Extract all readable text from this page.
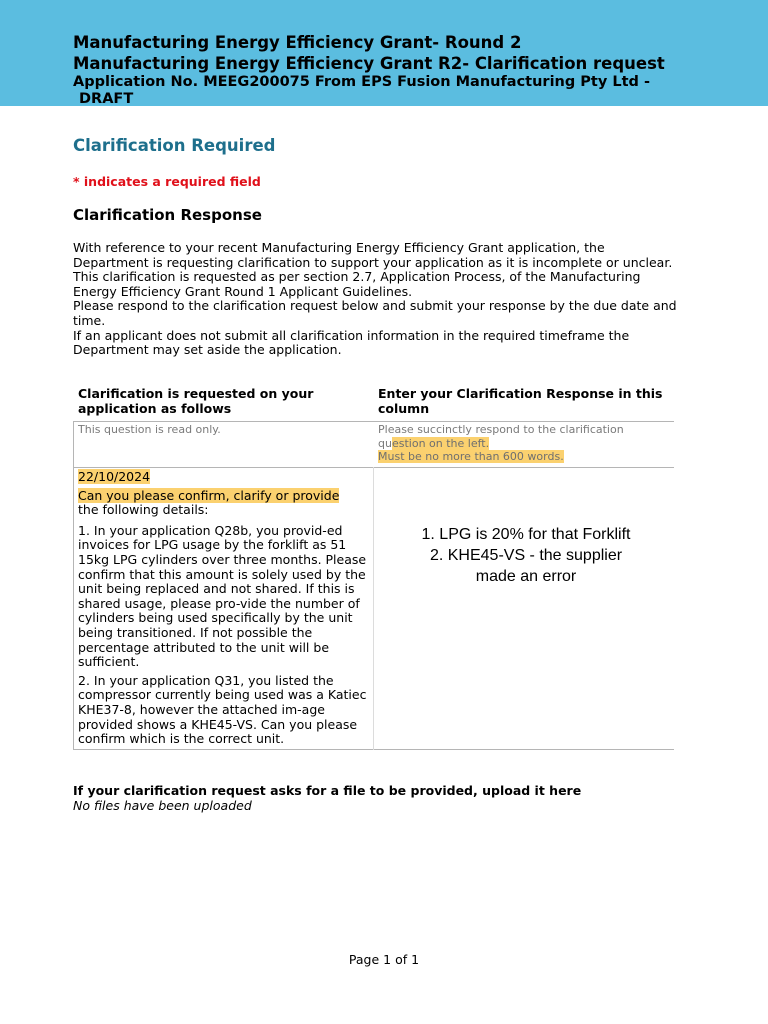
Manufacturing Energy Efficiency Grant- Round 2
Manufacturing Energy Efficiency Grant R2- Clarification request
Application No. MEEG200075 From EPS Fusion Manufacturing Pty Ltd -
DRAFT
Clarification Required
* indicates a required field
Clarification Response

With reference to your recent Manufacturing Energy Efficiency Grant application, the Department is requesting clarification to support your application as it is incomplete or unclear. This clarification is requested as per section 2.7, Application Process, of the Manufacturing Energy Efficiency Grant Round 1 Applicant Guidelines.

Please respond to the clarification request below and submit your response by the due date and time.

If an applicant does not submit all clarification information in the required timeframe the Department may set aside the application.

Clarification is requested on your application as follows
Enter your Clarification Response in this column
This question is read only.	Please succinctly respond to the clarification question on the left.
Must be no more than 600 words.

22/10/2024

Can you please confirm, clarify or provide

the following details:

1. In your application Q28b, you provid-ed invoices for LPG usage by the forklift as 51 15kg LPG cylinders over three months. Please confirm that this amount is solely used by the unit being replaced and not shared. If this is shared usage, please pro-vide the number of cylinders being used specifically by the unit being transitioned. If not possible the percentage attributed to the unit will be sufficient.

2. In your application Q31, you listed the compressor currently being used was a Katiec KHE37-8, however the attached im-age provided shows a KHE45-VS. Can you please confirm which is the correct unit.

1. LPG is 20% for that Forklift
2. KHE45-VS - the supplier made an error
If your clarification request asks for a file to be provided, upload it here
No files have been uploaded
Page 1 of 1
